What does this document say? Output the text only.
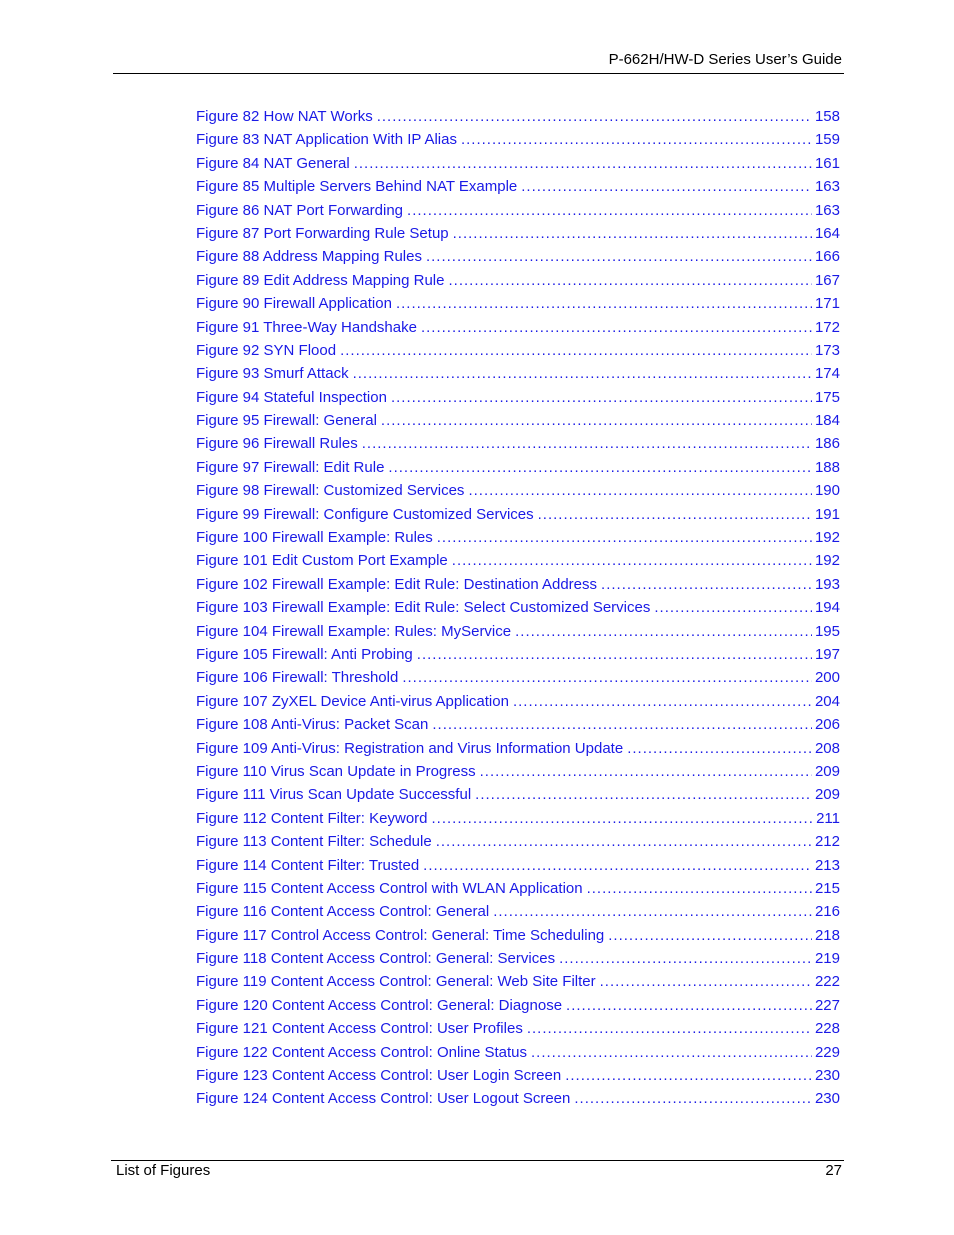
P-662H/HW-D Series User’s Guide
Figure 82 How NAT Works .....	158
Figure 83 NAT Application With IP Alias .....	159
Figure 84 NAT General .....	161
Figure 85 Multiple Servers Behind NAT Example .....	163
Figure 86 NAT Port Forwarding .....	163
Figure 87 Port Forwarding Rule Setup .....	164
Figure 88 Address Mapping Rules .....	166
Figure 89 Edit Address Mapping Rule .....	167
Figure 90 Firewall Application .....	171
Figure 91 Three-Way Handshake .....	172
Figure 92 SYN Flood .....	173
Figure 93 Smurf Attack .....	174
Figure 94 Stateful Inspection .....	175
Figure 95 Firewall: General .....	184
Figure 96 Firewall Rules .....	186
Figure 97 Firewall: Edit Rule .....	188
Figure 98 Firewall: Customized Services .....	190
Figure 99 Firewall: Configure Customized Services .....	191
Figure 100 Firewall Example: Rules .....	192
Figure 101 Edit Custom Port Example .....	192
Figure 102 Firewall Example: Edit Rule: Destination Address .....	193
Figure 103 Firewall Example: Edit Rule: Select Customized Services .....	194
Figure 104 Firewall Example: Rules: MyService .....	195
Figure 105 Firewall: Anti Probing .....	197
Figure 106 Firewall: Threshold .....	200
Figure 107 ZyXEL Device Anti-virus Application .....	204
Figure 108 Anti-Virus: Packet Scan .....	206
Figure 109 Anti-Virus: Registration and Virus Information Update .....	208
Figure 110 Virus Scan Update in Progress .....	209
Figure 111 Virus Scan Update Successful .....	209
Figure 112 Content Filter: Keyword .....	211
Figure 113 Content Filter: Schedule .....	212
Figure 114 Content Filter: Trusted .....	213
Figure 115 Content Access Control with WLAN Application .....	215
Figure 116 Content Access Control: General .....	216
Figure 117 Control Access Control: General: Time Scheduling .....	218
Figure 118 Content Access Control: General: Services .....	219
Figure 119 Content Access Control: General: Web Site Filter .....	222
Figure 120 Content Access Control: General: Diagnose .....	227
Figure 121 Content Access Control: User Profiles .....	228
Figure 122 Content Access Control: Online Status .....	229
Figure 123 Content Access Control: User Login Screen .....	230
Figure 124 Content Access Control: User Logout Screen .....	230
List of Figures	27
